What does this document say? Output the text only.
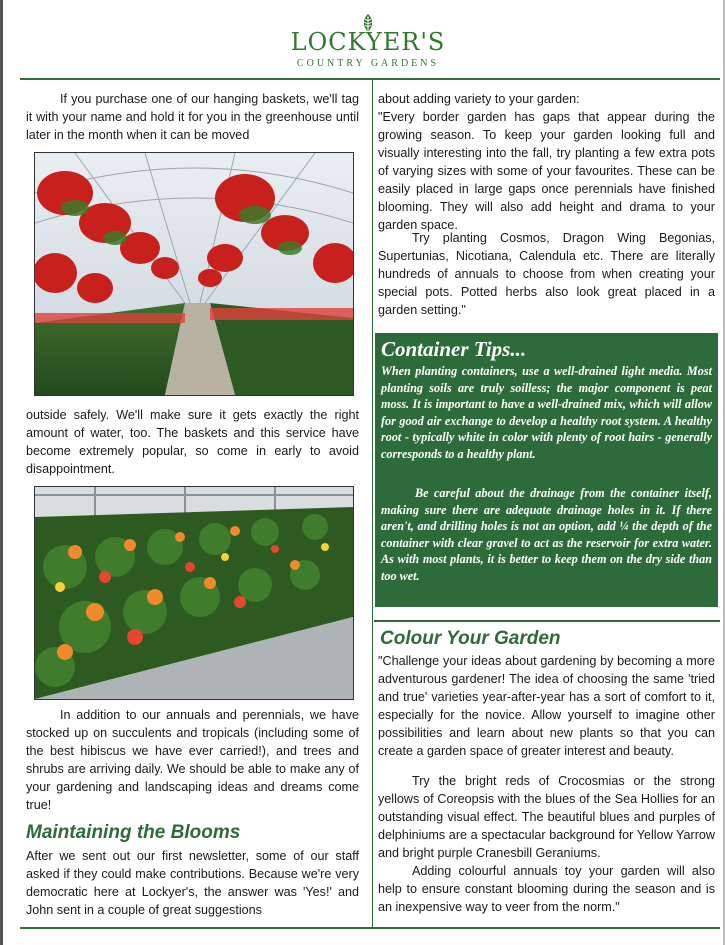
LOCKYER'S
COUNTRY GARDENS

If you purchase one of our hanging baskets, we'll tag it with your name and hold it for you in the greenhouse until later in the month when it can be moved

outside safely. We'll make sure it gets exactly the right amount of water, too. The baskets and this service have become extremely popular, so come in early to avoid disappointment.

In addition to our annuals and perennials, we have stocked up on succulents and tropicals (including some of the best hibiscus we have ever carried!), and trees and shrubs are arriving daily. We should be able to make any of your gardening and landscaping ideas and dreams come true!

Maintaining the Blooms

After we sent out our first newsletter, some of our staff asked if they could make contributions. Because we're very democratic here at Lockyer's, the answer was 'Yes!' and John sent in a couple of great suggestions

about adding variety to your garden:

"Every border garden has gaps that appear during the growing season. To keep your garden looking full and visually interesting into the fall, try planting a few extra pots of varying sizes with some of your favourites. These can be easily placed in large gaps once perennials have finished blooming. They will also add height and drama to your garden space.

Try planting Cosmos, Dragon Wing Begonias, Supertunias, Nicotiana, Calendula etc. There are literally hundreds of annuals to choose from when creating your special pots. Potted herbs also look great placed in a garden setting."

Container Tips...

When planting containers, use a well-drained light media. Most planting soils are truly soilless; the major component is peat moss. It is important to have a well-drained mix, which will allow for good air exchange to develop a healthy root system. A healthy root - typically white in color with plenty of root hairs - generally corresponds to a healthy plant.

Be careful about the drainage from the container itself, making sure there are adequate drainage holes in it. If there aren't, and drilling holes is not an option, add ¼ the depth of the container with clear gravel to act as the reservoir for extra water. As with most plants, it is better to keep them on the dry side than too wet.

Colour Your Garden

"Challenge your ideas about gardening by becoming a more adventurous gardener! The idea of choosing the same 'tried and true' varieties year-after-year has a sort of comfort to it, especially for the novice. Allow yourself to imagine other possibilities and learn about new plants so that you can create a garden space of greater interest and beauty.

Try the bright reds of Crocosmias or the strong yellows of Coreopsis with the blues of the Sea Hollies for an outstanding visual effect. The beautiful blues and purples of delphiniums are a spectacular background for Yellow Yarrow and bright purple Cranesbill Geraniums.

Adding colourful annuals toy your garden will also help to ensure constant blooming during the season and is an inexpensive way to veer from the norm."
